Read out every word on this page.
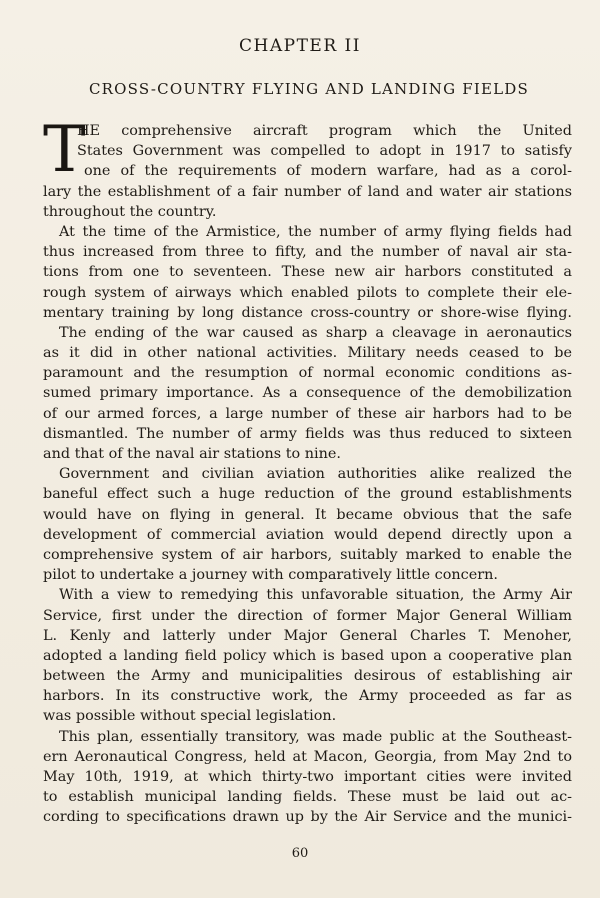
CHAPTER II
CROSS-COUNTRY FLYING AND LANDING FIELDS
T
HE comprehensive aircraft program which the United
States Government was compelled to adopt in 1917 to satisfy
one of the requirements of modern warfare, had as a corol-
lary the establishment of a fair number of land and water air stations
throughout the country.
At the time of the Armistice, the number of army flying fields had
thus increased from three to fifty, and the number of naval air sta-
tions from one to seventeen. These new air harbors constituted a
rough system of airways which enabled pilots to complete their ele-
mentary training by long distance cross-country or shore-wise flying.
The ending of the war caused as sharp a cleavage in aeronautics
as it did in other national activities. Military needs ceased to be
paramount and the resumption of normal economic conditions as-
sumed primary importance. As a consequence of the demobilization
of our armed forces, a large number of these air harbors had to be
dismantled. The number of army fields was thus reduced to sixteen
and that of the naval air stations to nine.
Government and civilian aviation authorities alike realized the
baneful effect such a huge reduction of the ground establishments
would have on flying in general. It became obvious that the safe
development of commercial aviation would depend directly upon a
comprehensive system of air harbors, suitably marked to enable the
pilot to undertake a journey with comparatively little concern.
With a view to remedying this unfavorable situation, the Army Air
Service, first under the direction of former Major General William
L. Kenly and latterly under Major General Charles T. Menoher,
adopted a landing field policy which is based upon a cooperative plan
between the Army and municipalities desirous of establishing air
harbors. In its constructive work, the Army proceeded as far as
was possible without special legislation.
This plan, essentially transitory, was made public at the Southeast-
ern Aeronautical Congress, held at Macon, Georgia, from May 2nd to
May 10th, 1919, at which thirty-two important cities were invited
to establish municipal landing fields. These must be laid out ac-
cording to specifications drawn up by the Air Service and the munici-
60
